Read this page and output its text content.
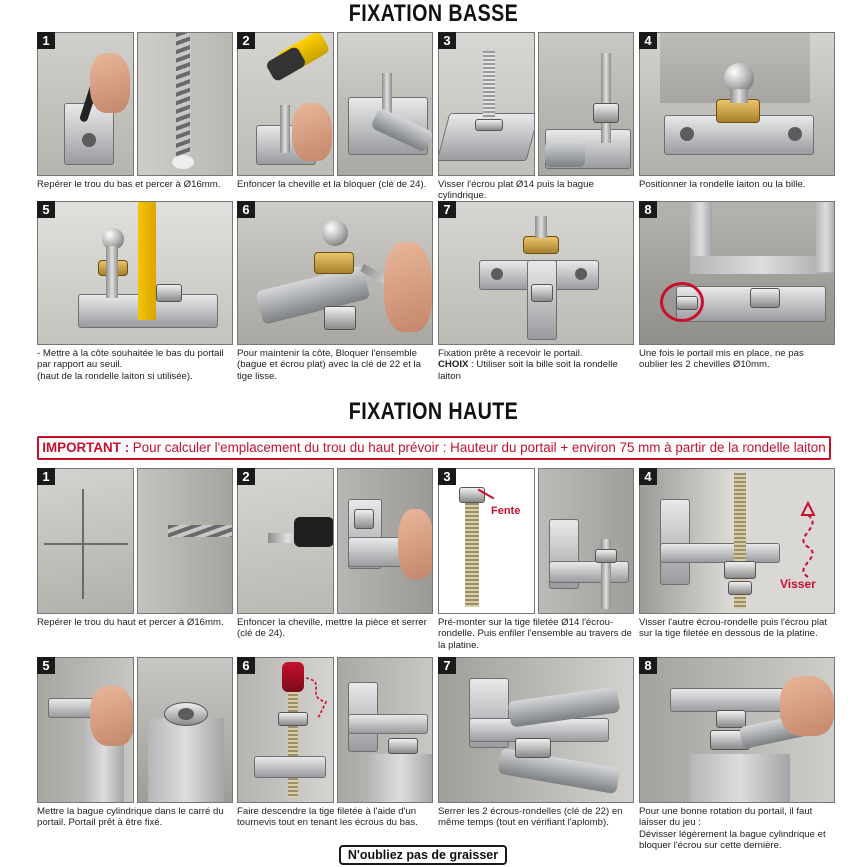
FIXATION BASSE
1
Repérer le trou du bas et percer à Ø16mm.
2
Enfoncer la cheville et la bloquer (clé de 24).
3
Visser l'écrou plat Ø14 puis la bague cylindrique.
4
Positionner la rondelle laiton ou la bille.
5
- Mettre à la côte souhaitée le bas du portail par rapport au seuil.
(haut de la rondelle laiton si utilisée).
6
Pour maintenir la côte, Bloquer l'ensemble (bague et écrou plat) avec la clé de 22 et la tige lisse.
7
Fixation prête à recevoir le portail.
CHOIX : Utiliser soit la bille soit la rondelle laiton
8
Une fois le portail mis en place, ne pas oublier les 2 chevilles Ø10mm.
FIXATION HAUTE
IMPORTANT : Pour calculer l'emplacement du trou du haut prévoir : Hauteur du portail + environ 75 mm à partir de la rondelle laiton
1
Repérer le trou du haut et percer à Ø16mm.
2
Enfoncer la cheville, mettre la pièce et serrer (clé de 24).
3
Fente
Pré-monter sur la tige filetée Ø14 l'écrou-rondelle. Puis enfiler l'ensemble au travers de la platine.
4
Visser
Visser l'autre écrou-rondelle puis l'écrou plat sur la tige filetée en dessous de la platine.
5
Mettre la bague cylindrique dans le carré du portail. Portail prêt à être fixé.
6
Faire descendre la tige filetée à l'aide d'un tournevis tout en tenant les écrous du bas.
7
Serrer les 2 écrous-rondelles (clé de 22) en même temps (tout en vérifiant l'aplomb).
8
Pour une bonne rotation du portail, il faut laisser du jeu :
Dévisser légèrement la bague cylindrique et bloquer l'écrou sur cette dernière.
N'oubliez pas de graisser
